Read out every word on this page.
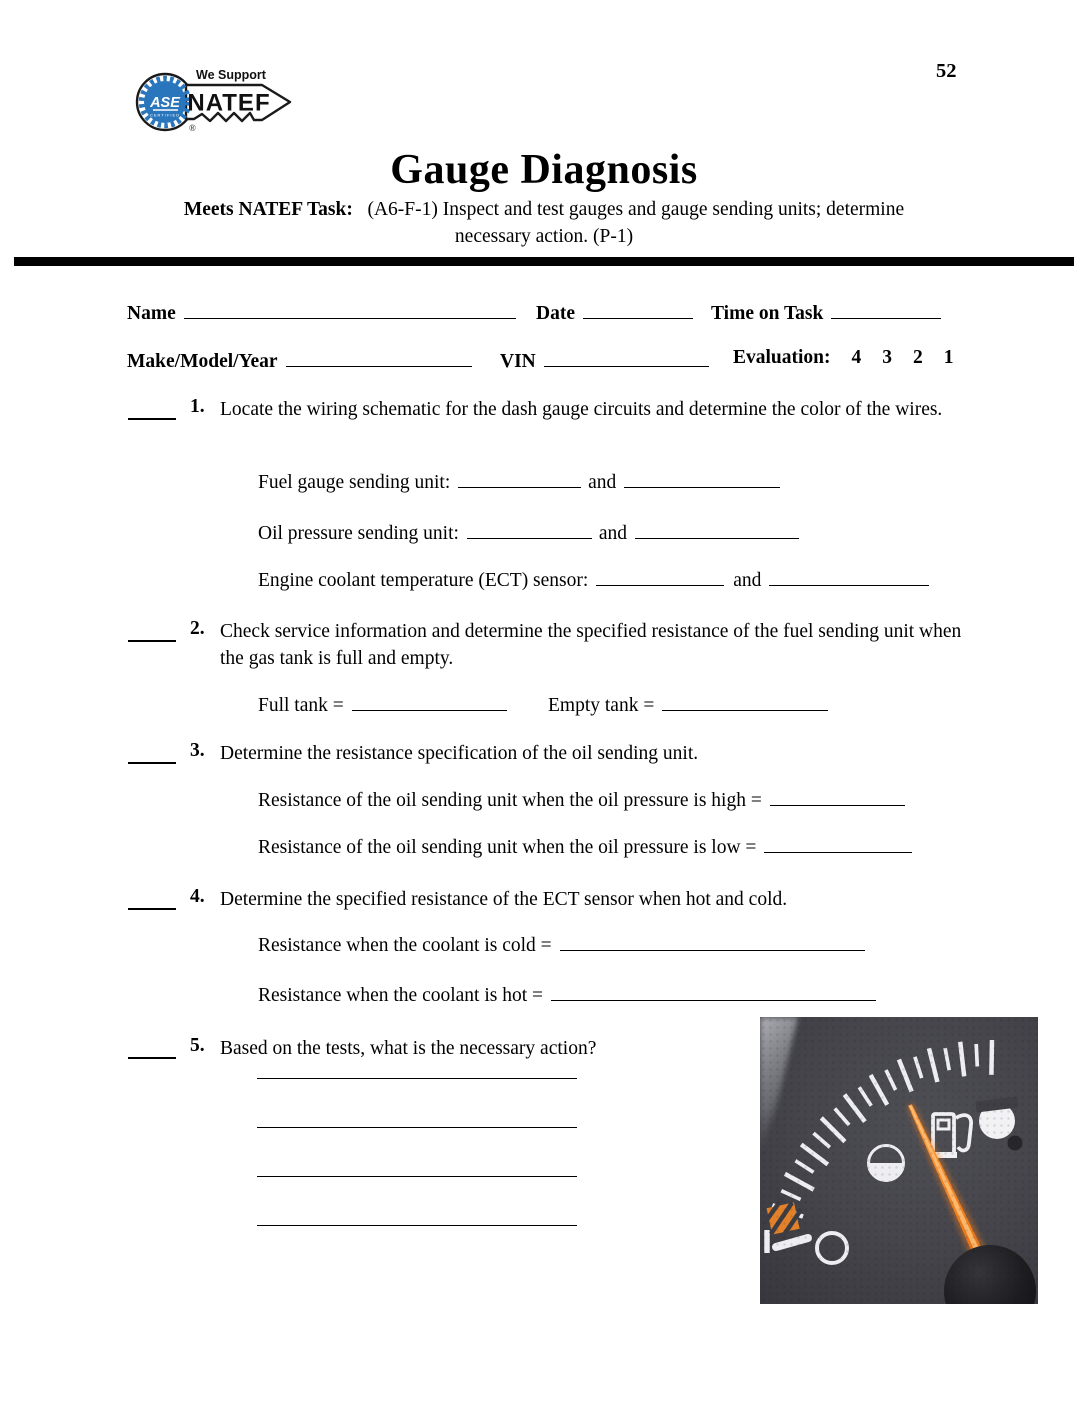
52
ASE
CERTIFIED
We Support
NATEF
®
Gauge Diagnosis
Meets NATEF Task: (A6-F-1) Inspect and test gauges and gauge sending units; determine
necessary action. (P-1)
Name	Date	Time on Task
Make/Model/Year	VIN	Evaluation: 4 3 2 1
1. Locate the wiring schematic for the dash gauge circuits and determine the color of the wires.
Fuel gauge sending unit:	and
Oil pressure sending unit:	and
Engine coolant temperature (ECT) sensor:	and
2. Check service information and determine the specified resistance of the fuel sending unit when the gas tank is full and empty.
Full tank =	Empty tank =
3. Determine the resistance specification of the oil sending unit.
Resistance of the oil sending unit when the oil pressure is high =
Resistance of the oil sending unit when the oil pressure is low =
4. Determine the specified resistance of the ECT sensor when hot and cold.
Resistance when the coolant is cold =
Resistance when the coolant is hot =
5. Based on the tests, what is the necessary action?
